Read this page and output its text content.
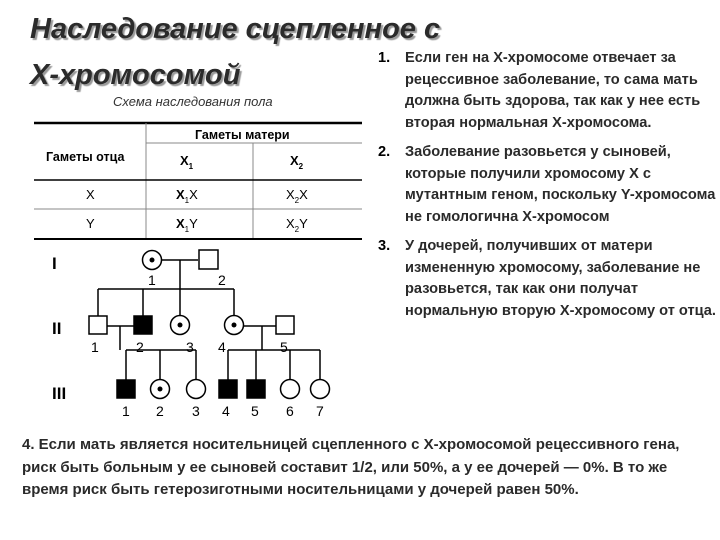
Наследование сцепленное с
X-хромосомой
Схема наследования пола
Гаметы матери
Гаметы отца	$X_1$	$X_2$
X	$X_1X$	$X_2X$
Y	$X_1Y$	$X_2Y$
I
II
III
1	2
1	2	3 4	5
1 2 3 4 5 6 7
1.	Если ген на X-хромосоме отвечает за рецессивное заболевание, то сама мать должна быть здорова, так как у нее есть вторая нормальная X-хромосома.
2.	Заболевание разовьется у сыновей, которые получили хромосому X с мутантным геном, поскольку Y-хромосома не гомологична X-хромосом
3.	У дочерей, получивших от матери измененную хромосому, заболевание не разовьется, так как они получат нормальную вторую X-хромосому от отца.
4. Если мать является носительницей сцепленного с X-хромосомой рецессивного гена, риск быть больным у ее сыновей составит 1/2, или 50%, а у ее дочерей — 0%. В то же время риск быть гетерозиготными носительницами у дочерей равен 50%.
